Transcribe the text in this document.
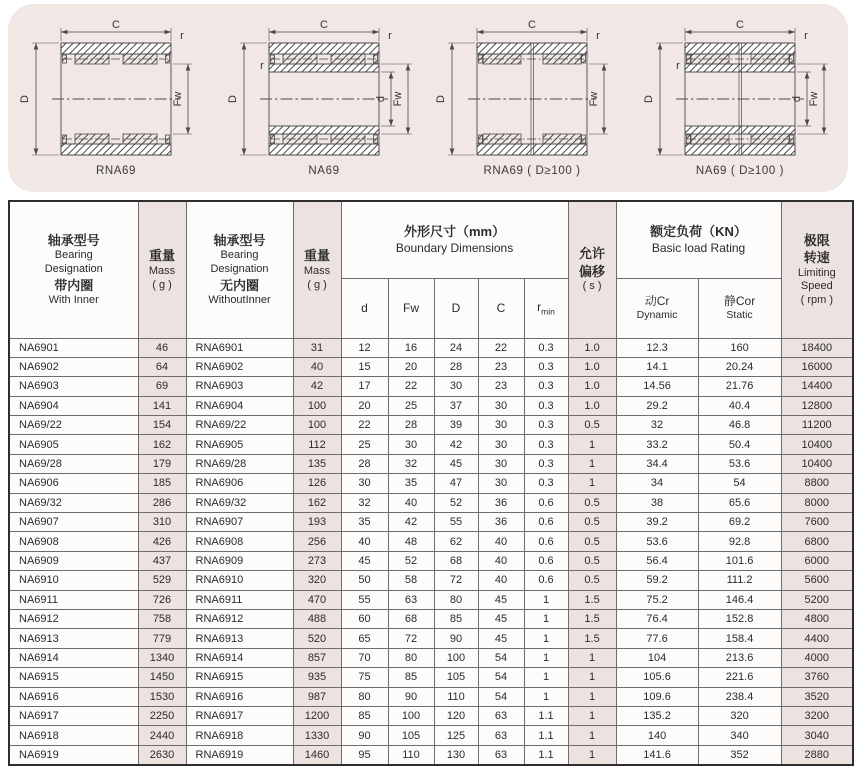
C
D	Fw
r
RNA69
C
D	d Fw
r
r
NA69
C
D	Fw
r
RNA69 ( D≥100 )
C
D	d Fw
r
r
NA69 ( D≥100 )
轴承型号
Bearing
Designation
带内圈
With Inner	重量
Mass
( g )	轴承型号
Bearing
Designation
无内圈
WithoutInner	重量
Mass
( g )	外形尺寸（mm）
Boundary Dimensions					允许
偏移
( s )	额定负荷（KN）
Basic load Rating		极限
转速
Limiting
Speed
( rpm )

				d	Fw	D	C	$r_{min}$		动Cr
Dynamic	静Cor
Static	

NA6901	46	RNA6901	31	12	16	24	22	0.3	1.0	12.3	160	18400
NA6902	64	RNA6902	40	15	20	28	23	0.3	1.0	14.1	20.24	16000
NA6903	69	RNA6903	42	17	22	30	23	0.3	1.0	14.56	21.76	14400
NA6904	141	RNA6904	100	20	25	37	30	0.3	1.0	29.2	40.4	12800
NA69/22	154	RNA69/22	100	22	28	39	30	0.3	0.5	32	46.8	11200
NA6905	162	RNA6905	112	25	30	42	30	0.3	1	33.2	50.4	10400
NA69/28	179	RNA69/28	135	28	32	45	30	0.3	1	34.4	53.6	10400
NA6906	185	RNA6906	126	30	35	47	30	0.3	1	34	54	8800
NA69/32	286	RNA69/32	162	32	40	52	36	0.6	0.5	38	65.6	8000
NA6907	310	RNA6907	193	35	42	55	36	0.6	0.5	39.2	69.2	7600
NA6908	426	RNA6908	256	40	48	62	40	0.6	0.5	53.6	92.8	6800
NA6909	437	RNA6909	273	45	52	68	40	0.6	0.5	56.4	101.6	6000
NA6910	529	RNA6910	320	50	58	72	40	0.6	0.5	59.2	111.2	5600
NA6911	726	RNA6911	470	55	63	80	45	1	1.5	75.2	146.4	5200
NA6912	758	RNA6912	488	60	68	85	45	1	1.5	76.4	152.8	4800
NA6913	779	RNA6913	520	65	72	90	45	1	1.5	77.6	158.4	4400
NA6914	1340	RNA6914	857	70	80	100	54	1	1	104	213.6	4000
NA6915	1450	RNA6915	935	75	85	105	54	1	1	105.6	221.6	3760
NA6916	1530	RNA6916	987	80	90	110	54	1	1	109.6	238.4	3520
NA6917	2250	RNA6917	1200	85	100	120	63	1.1	1	135.2	320	3200
NA6918	2440	RNA6918	1330	90	105	125	63	1.1	1	140	340	3040
NA6919	2630	RNA6919	1460	95	110	130	63	1.1	1	141.6	352	2880
